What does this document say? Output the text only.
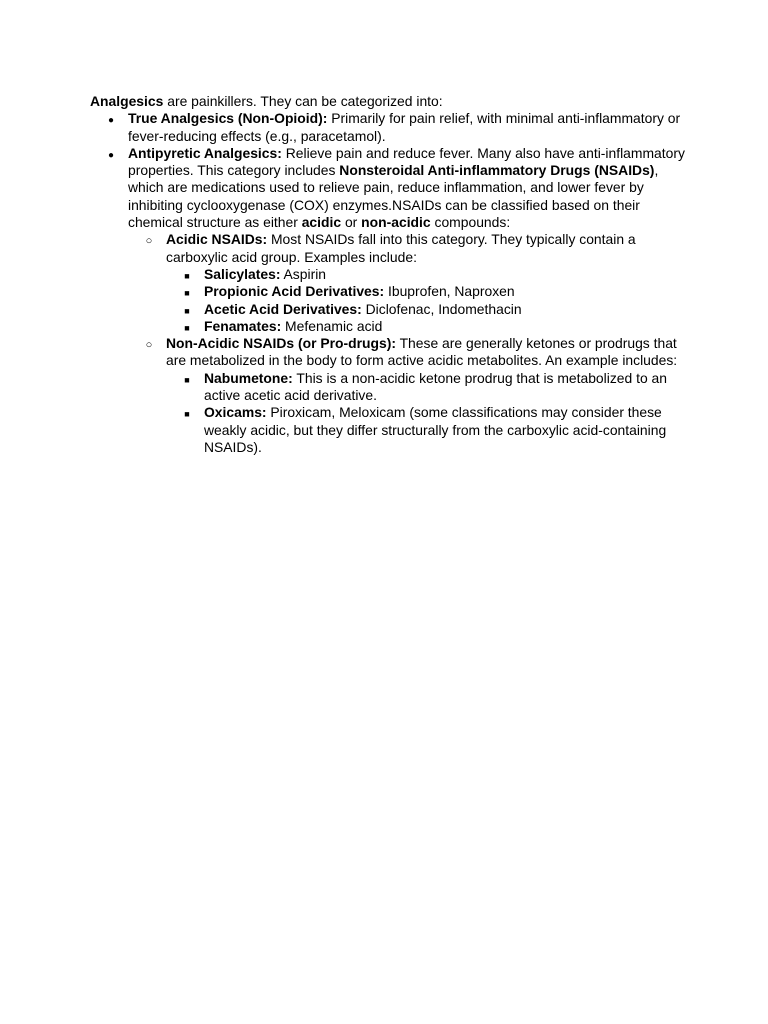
Analgesics are painkillers. They can be categorized into:

●
True Analgesics (Non-Opioid): Primarily for pain relief, with minimal anti-inflammatory or fever-reducing effects (e.g., paracetamol).
●
Antipyretic Analgesics: Relieve pain and reduce fever. Many also have anti-inflammatory properties. This category includes Nonsteroidal Anti-inflammatory Drugs (NSAIDs), which are medications used to relieve pain, reduce inflammation, and lower fever by inhibiting cyclooxygenase (COX) enzymes.NSAIDs can be classified based on their chemical structure as either acidic or non-acidic compounds:
○
Acidic NSAIDs: Most NSAIDs fall into this category. They typically contain a carboxylic acid group. Examples include:
■
Salicylates: Aspirin
■
Propionic Acid Derivatives: Ibuprofen, Naproxen
■
Acetic Acid Derivatives: Diclofenac, Indomethacin
■
Fenamates: Mefenamic acid
○
Non-Acidic NSAIDs (or Pro-drugs): These are generally ketones or prodrugs that are metabolized in the body to form active acidic metabolites. An example includes:
■
Nabumetone: This is a non-acidic ketone prodrug that is metabolized to an active acetic acid derivative.
■
Oxicams: Piroxicam, Meloxicam (some classifications may consider these weakly acidic, but they differ structurally from the carboxylic acid-containing NSAIDs).
